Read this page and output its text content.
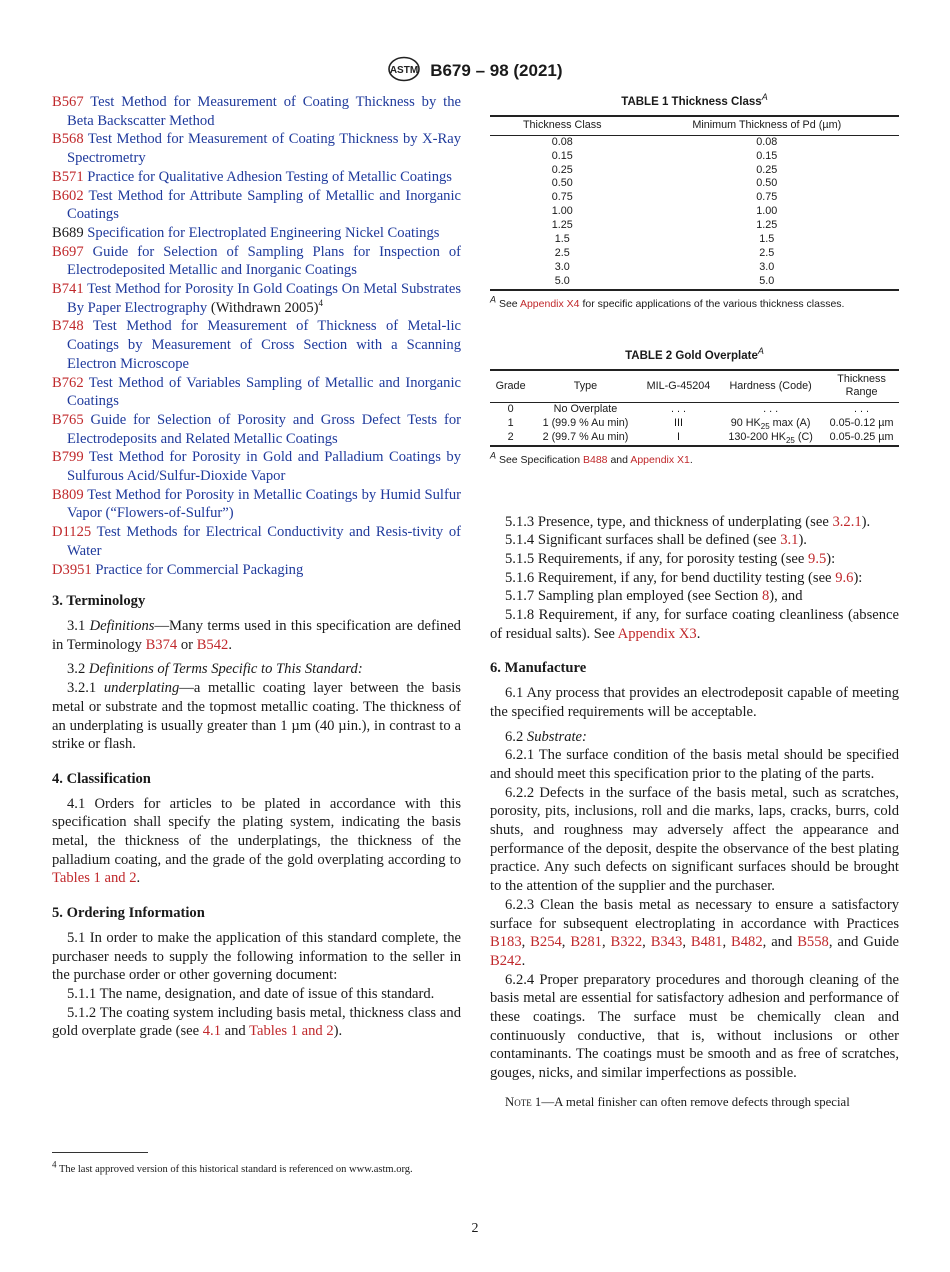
ASTM B679 – 98 (2021)
B567 Test Method for Measurement of Coating Thickness by the Beta Backscatter Method
B568 Test Method for Measurement of Coating Thickness by X-Ray Spectrometry
B571 Practice for Qualitative Adhesion Testing of Metallic Coatings
B602 Test Method for Attribute Sampling of Metallic and Inorganic Coatings
B689 Specification for Electroplated Engineering Nickel Coatings
B697 Guide for Selection of Sampling Plans for Inspection of Electrodeposited Metallic and Inorganic Coatings
B741 Test Method for Porosity In Gold Coatings On Metal Substrates By Paper Electrography (Withdrawn 2005)$^4$
B748 Test Method for Measurement of Thickness of Metal-lic Coatings by Measurement of Cross Section with a Scanning Electron Microscope
B762 Test Method of Variables Sampling of Metallic and Inorganic Coatings
B765 Guide for Selection of Porosity and Gross Defect Tests for Electrodeposits and Related Metallic Coatings
B799 Test Method for Porosity in Gold and Palladium Coatings by Sulfurous Acid/Sulfur-Dioxide Vapor
B809 Test Method for Porosity in Metallic Coatings by Humid Sulfur Vapor (“Flowers-of-Sulfur”)
D1125 Test Methods for Electrical Conductivity and Resis-tivity of Water
D3951 Practice for Commercial Packaging
3. Terminology
3.1 Definitions—Many terms used in this specification are defined in Terminology B374 or B542.
3.2 Definitions of Terms Specific to This Standard:
3.2.1 underplating—a metallic coating layer between the basis metal or substrate and the topmost metallic coating. The thickness of an underplating is usually greater than 1 µm (40 µin.), in contrast to a strike or flash.
4. Classification
4.1 Orders for articles to be plated in accordance with this specification shall specify the plating system, indicating the basis metal, the thickness of the underplatings, the thickness of the palladium coating, and the grade of the gold overplating according to Tables 1 and 2.
5. Ordering Information
5.1 In order to make the application of this standard complete, the purchaser needs to supply the following information to the seller in the purchase order or other governing document:
5.1.1 The name, designation, and date of issue of this standard.
5.1.2 The coating system including basis metal, thickness class and gold overplate grade (see 4.1 and Tables 1 and 2).
$^4$ The last approved version of this historical standard is referenced on www.astm.org.
TABLE 1 Thickness Class$^A$
Thickness Class	Minimum Thickness of Pd (µm)
0.08	0.08
0.15	0.15
0.25	0.25
0.50	0.50
0.75	0.75
1.00	1.00
1.25	1.25
1.5	1.5
2.5	2.5
3.0	3.0
5.0	5.0
$^A$ See Appendix X4 for specific applications of the various thickness classes.
TABLE 2 Gold Overplate$^A$
Grade	Type	MIL-G-45204	Hardness (Code)	Thickness Range
0	No Overplate	. . .	. . .	. . .
1	1 (99.9 % Au min)	III	90 $HK_{25}$ max (A)	0.05-0.12 µm
2	2 (99.7 % Au min)	I	130-200 $HK_{25}$ (C)	0.05-0.25 µm
$^A$ See Specification B488 and Appendix X1.
5.1.3 Presence, type, and thickness of underplating (see 3.2.1).
5.1.4 Significant surfaces shall be defined (see 3.1).
5.1.5 Requirements, if any, for porosity testing (see 9.5):
5.1.6 Requirement, if any, for bend ductility testing (see 9.6):
5.1.7 Sampling plan employed (see Section 8), and
5.1.8 Requirement, if any, for surface coating cleanliness (absence of residual salts). See Appendix X3.
6. Manufacture
6.1 Any process that provides an electrodeposit capable of meeting the specified requirements will be acceptable.
6.2 Substrate:
6.2.1 The surface condition of the basis metal should be specified and should meet this specification prior to the plating of the parts.
6.2.2 Defects in the surface of the basis metal, such as scratches, porosity, pits, inclusions, roll and die marks, laps, cracks, burrs, cold shuts, and roughness may adversely affect the appearance and performance of the deposit, despite the observance of the best plating practice. Any such defects on significant surfaces should be brought to the attention of the supplier and the purchaser.
6.2.3 Clean the basis metal as necessary to ensure a satisfactory surface for subsequent electroplating in accordance with Practices B183, B254, B281, B322, B343, B481, B482, and B558, and Guide B242.
6.2.4 Proper preparatory procedures and thorough cleaning of the basis metal are essential for satisfactory adhesion and performance of these coatings. The surface must be chemically clean and continuously conductive, that is, without inclusions or other contaminants. The coatings must be smooth and as free of scratches, gouges, nicks, and similar imperfections as possible.
Note 1—A metal finisher can often remove defects through special
2
